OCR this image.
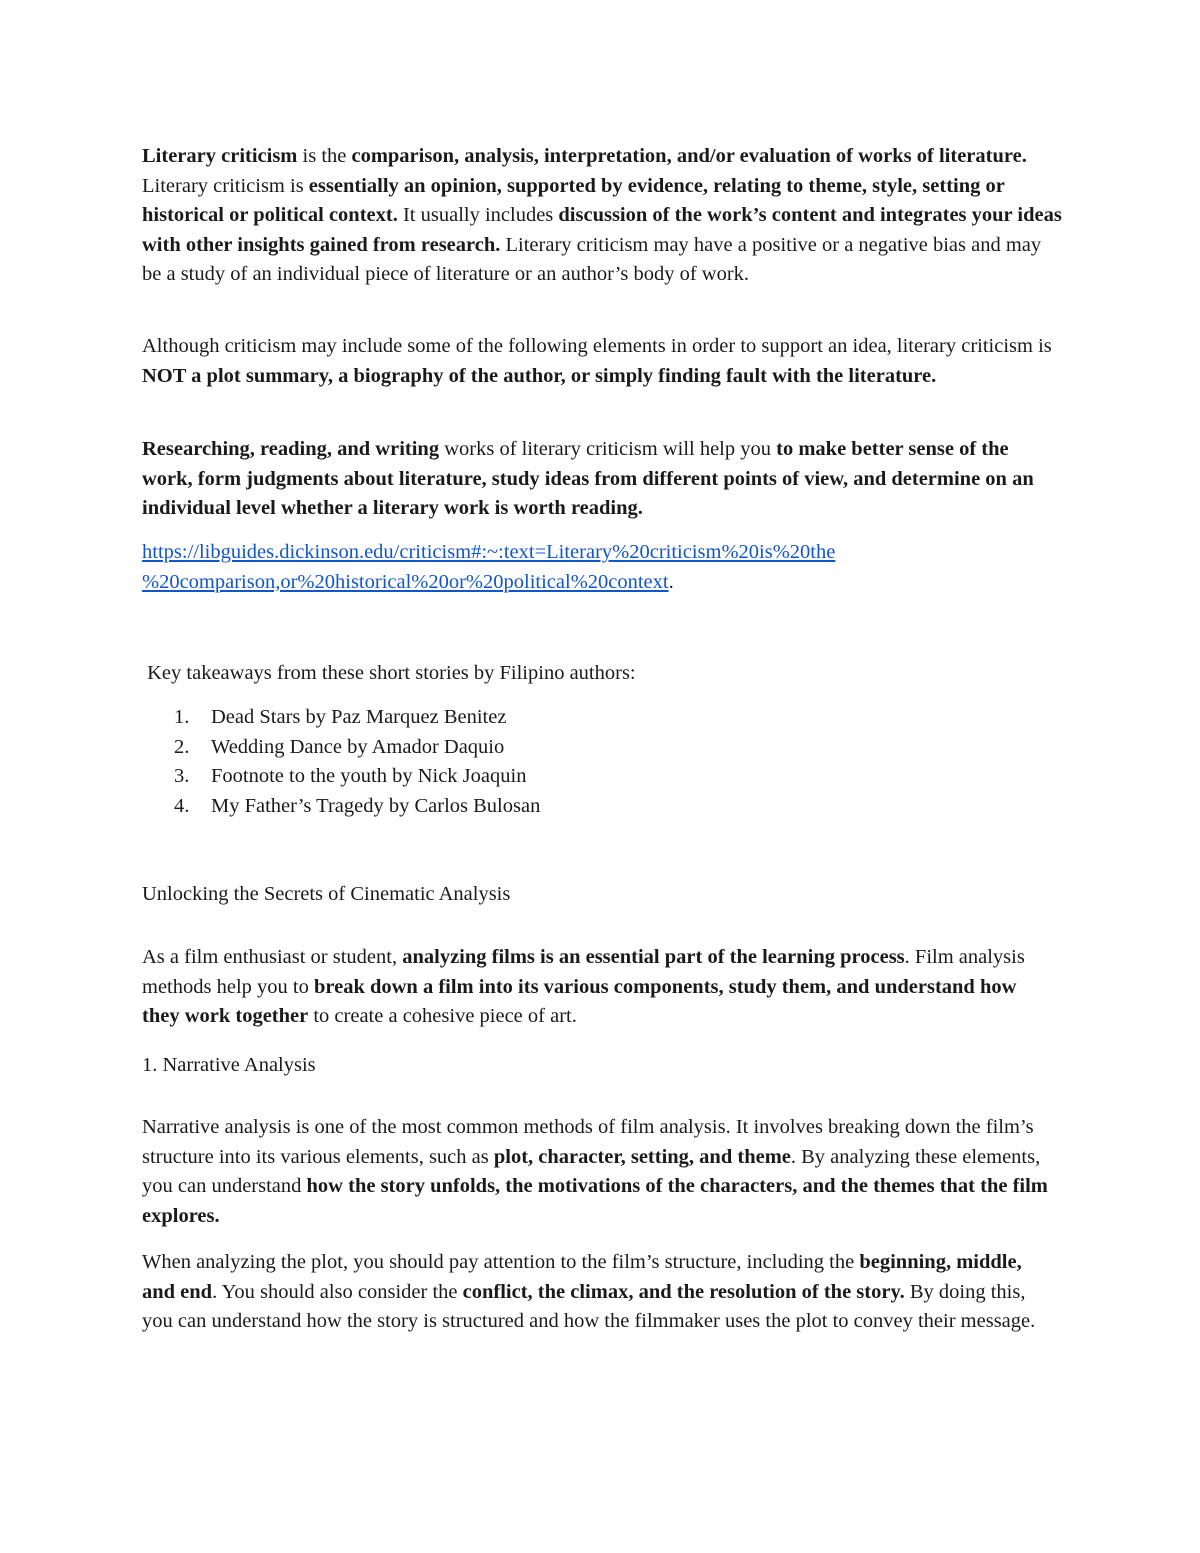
Literary criticism is the comparison, analysis, interpretation, and/or evaluation of works of literature. Literary criticism is essentially an opinion, supported by evidence, relating to theme, style, setting or historical or political context. It usually includes discussion of the work’s content and integrates your ideas with other insights gained from research. Literary criticism may have a positive or a negative bias and may be a study of an individual piece of literature or an author’s body of work.

Although criticism may include some of the following elements in order to support an idea, literary criticism is NOT a plot summary, a biography of the author, or simply finding fault with the literature.

Researching, reading, and writing works of literary criticism will help you to make better sense of the work, form judgments about literature, study ideas from different points of view, and determine on an individual level whether a literary work is worth reading.

https://libguides.dickinson.edu/criticism#:~:text=Literary%20criticism%20is%20the
%20comparison,or%20historical%20or%20political%20context.

Key takeaways from these short stories by Filipino authors:

1. Dead Stars by Paz Marquez Benitez
2. Wedding Dance by Amador Daquio
3. Footnote to the youth by Nick Joaquin
4. My Father’s Tragedy by Carlos Bulosan

Unlocking the Secrets of Cinematic Analysis

As a film enthusiast or student, analyzing films is an essential part of the learning process. Film analysis methods help you to break down a film into its various components, study them, and understand how they work together to create a cohesive piece of art.

1. Narrative Analysis

Narrative analysis is one of the most common methods of film analysis. It involves breaking down the film’s structure into its various elements, such as plot, character, setting, and theme. By analyzing these elements, you can understand how the story unfolds, the motivations of the characters, and the themes that the film explores.

When analyzing the plot, you should pay attention to the film’s structure, including the beginning, middle, and end. You should also consider the conflict, the climax, and the resolution of the story. By doing this, you can understand how the story is structured and how the filmmaker uses the plot to convey their message.
